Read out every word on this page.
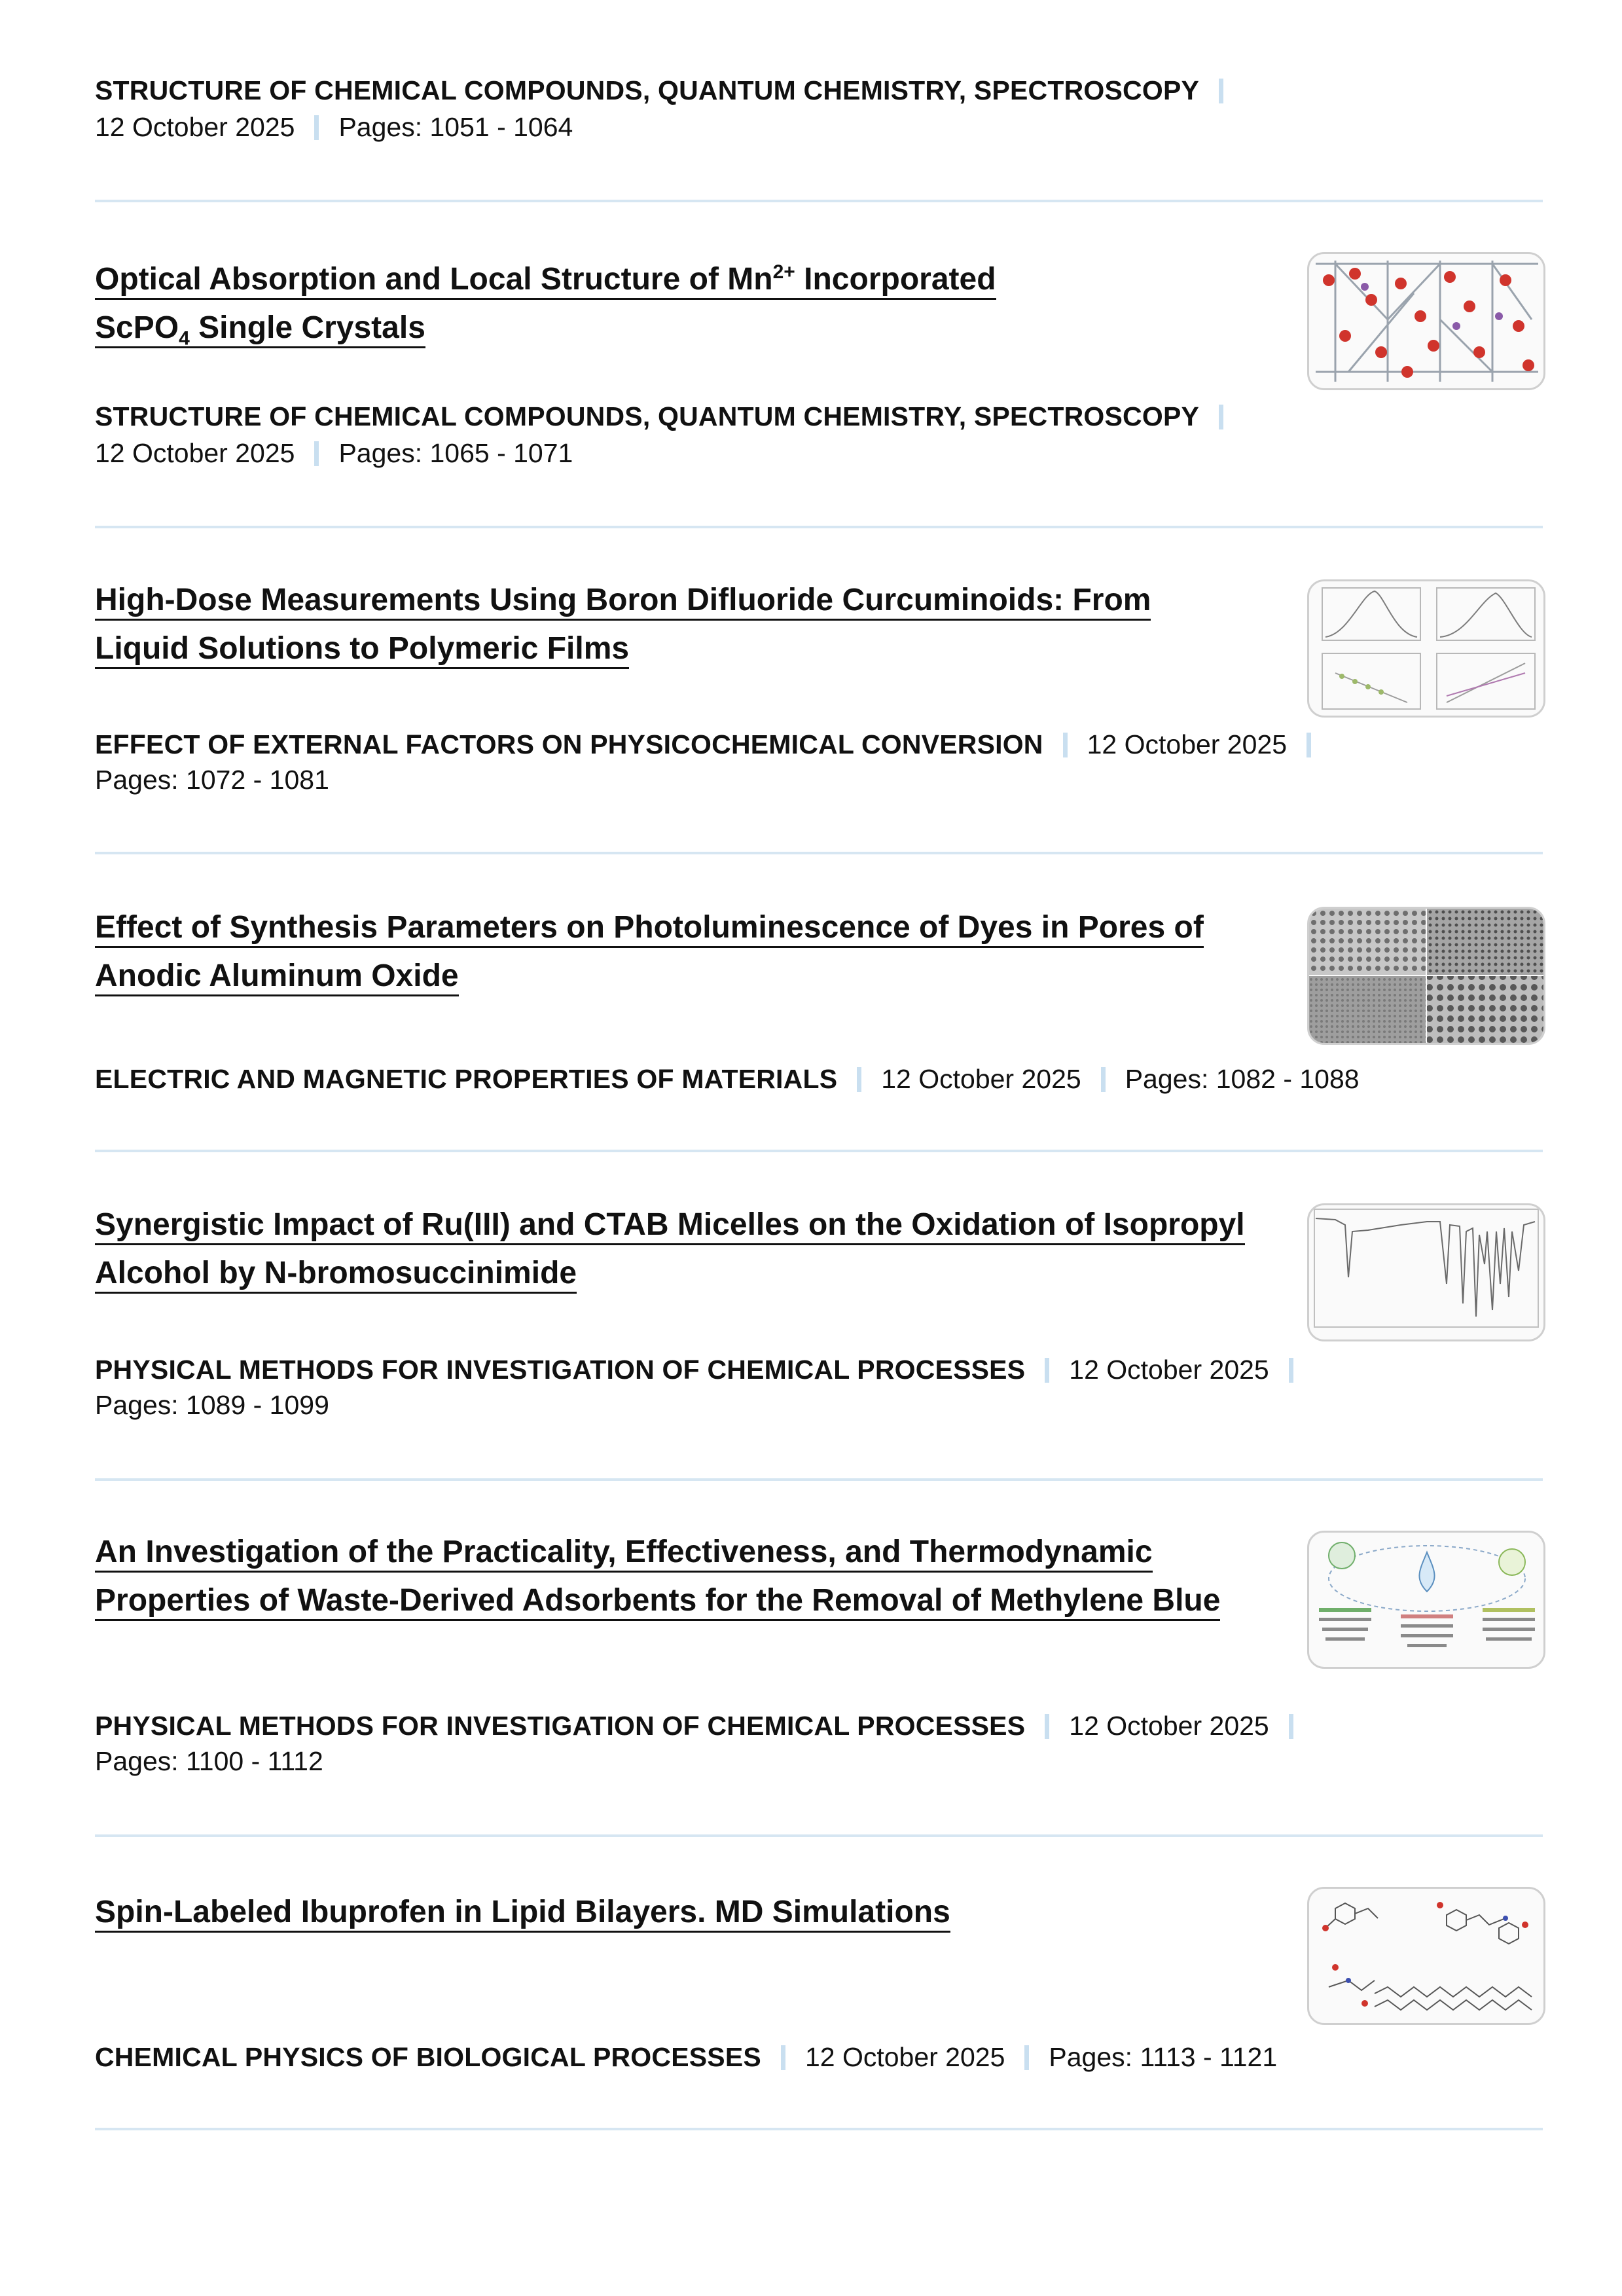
STRUCTURE OF CHEMICAL COMPOUNDS, QUANTUM CHEMISTRY, SPECTROSCOPY
12 October 2025 Pages: 1051 - 1064
Optical Absorption and Local Structure of $Mn^{2+}$ Incorporated
ScPO$_4$ Single Crystals
STRUCTURE OF CHEMICAL COMPOUNDS, QUANTUM CHEMISTRY, SPECTROSCOPY
12 October 2025 Pages: 1065 - 1071
High-Dose Measurements Using Boron Difluoride Curcuminoids: From Liquid Solutions to Polymeric Films
EFFECT OF EXTERNAL FACTORS ON PHYSICOCHEMICAL CONVERSION 12 October 2025
Pages: 1072 - 1081
Effect of Synthesis Parameters on Photoluminescence of Dyes in Pores of Anodic Aluminum Oxide
ELECTRIC AND MAGNETIC PROPERTIES OF MATERIALS 12 October 2025 Pages: 1082 - 1088
Synergistic Impact of Ru(III) and CTAB Micelles on the Oxidation of Isopropyl Alcohol by N-bromosuccinimide
PHYSICAL METHODS FOR INVESTIGATION OF CHEMICAL PROCESSES 12 October 2025
Pages: 1089 - 1099
An Investigation of the Practicality, Effectiveness, and Thermodynamic Properties of Waste-Derived Adsorbents for the Removal of Methylene Blue
PHYSICAL METHODS FOR INVESTIGATION OF CHEMICAL PROCESSES 12 October 2025
Pages: 1100 - 1112
Spin-Labeled Ibuprofen in Lipid Bilayers. MD Simulations
CHEMICAL PHYSICS OF BIOLOGICAL PROCESSES 12 October 2025 Pages: 1113 - 1121
